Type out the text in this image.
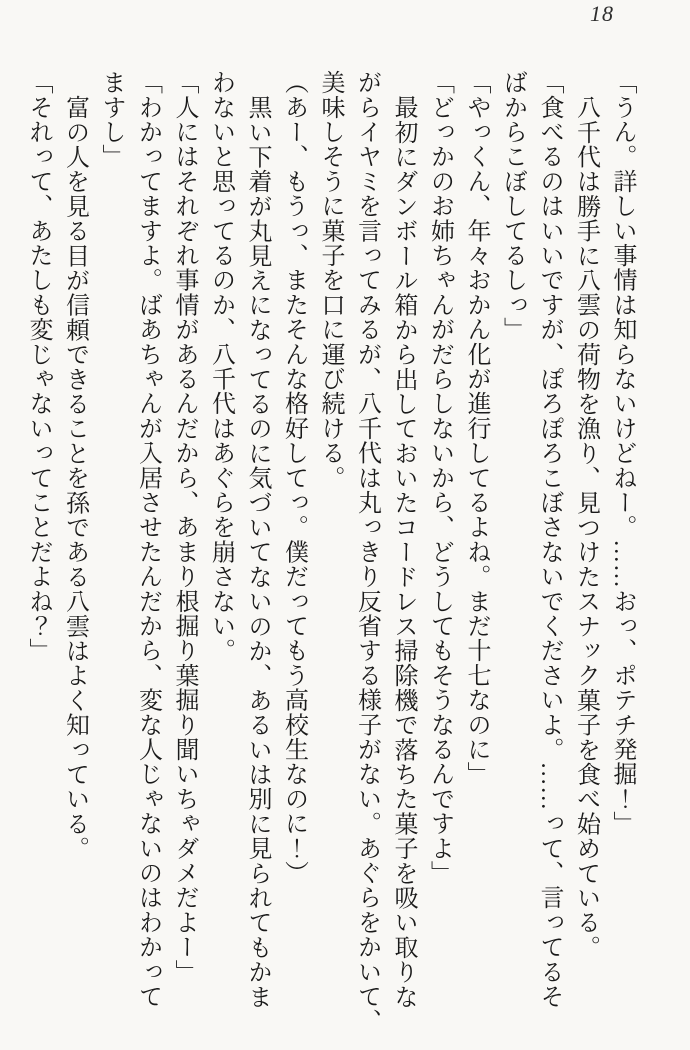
18
「うん。詳しい事情は知らないけどねー。……おっ、ポテチ発掘！」
八千代は勝手に八雲の荷物を漁り、見つけたスナック菓子を食べ始めている。
「食べるのはいいですが、ぽろぽろこぼさないでくださいよ。……って、言ってるそ
ばからこぼしてるしっ」
「やっくん、年々おかん化が進行してるよね。まだ十七なのに」
「どっかのお姉ちゃんがだらしないから、どうしてもそうなるんですよ」
最初にダンボール箱から出しておいたコードレス掃除機で落ちた菓子を吸い取りな
がらイヤミを言ってみるが、八千代は丸っきり反省する様子がない。あぐらをかいて、
美味しそうに菓子を口に運び続ける。
（あー、もうっ、またそんな格好してっ。僕だってもう高校生なのに！）
黒い下着が丸見えになってるのに気づいてないのか、あるいは別に見られてもかま
わないと思ってるのか、八千代はあぐらを崩さない。
「人にはそれぞれ事情があるんだから、あまり根掘り葉掘り聞いちゃダメだよー」
「わかってますよ。ばあちゃんが入居させたんだから、変な人じゃないのはわかって
ますし」
富の人を見る目が信頼できることを孫である八雲はよく知っている。
「それって、あたしも変じゃないってことだよね？」
